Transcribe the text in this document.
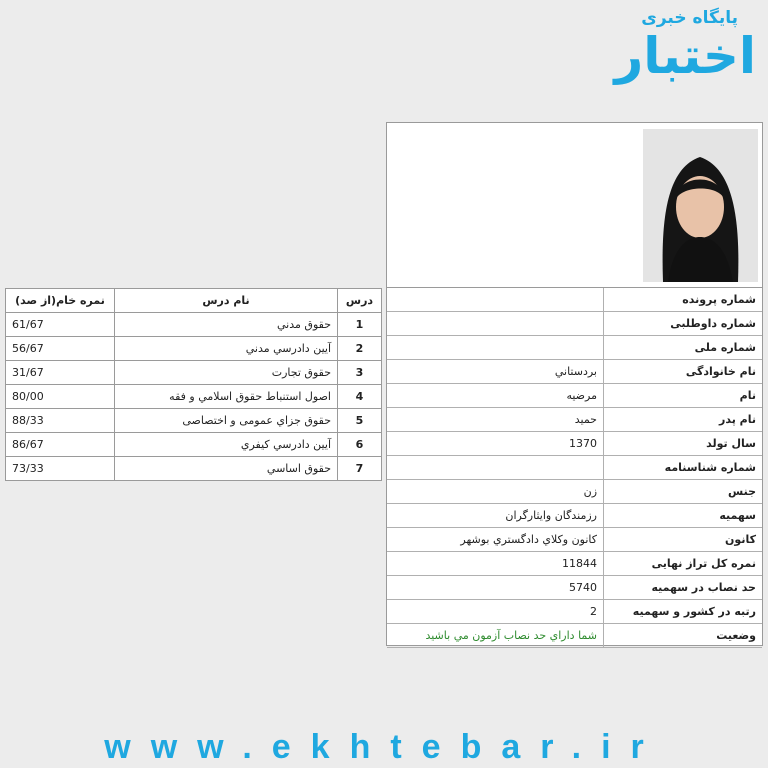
پایگاه خبری
اختبار
شماره پرونده	
شماره داوطلبی	
شماره ملی	
نام خانوادگی	بردستاني
نام	مرضیه
نام پدر	حمید
سال تولد	1370
شماره شناسنامه	
جنس	زن
سهمیه	رزمندگان وايثارگران
کانون	کانون وکلاي دادگستري بوشهر
نمره کل تراز نهایی	11844
حد نصاب در سهمیه	5740
رتبه در کشور و سهمیه	2
وضعیت	شما داراي حد نصاب آزمون مي باشيد
درس	نام درس	نمره خام(از صد)
1	حقوق مدني	61/67
2	آيين دادرسي مدني	56/67
3	حقوق تجارت	31/67
4	اصول استنباط حقوق اسلامي و فقه	80/00
5	حقوق جزاي عمومی و اختصاصی	88/33
6	آيين دادرسي كيفري	86/67
7	حقوق اساسي	73/33
www.ekhtebar.ir
